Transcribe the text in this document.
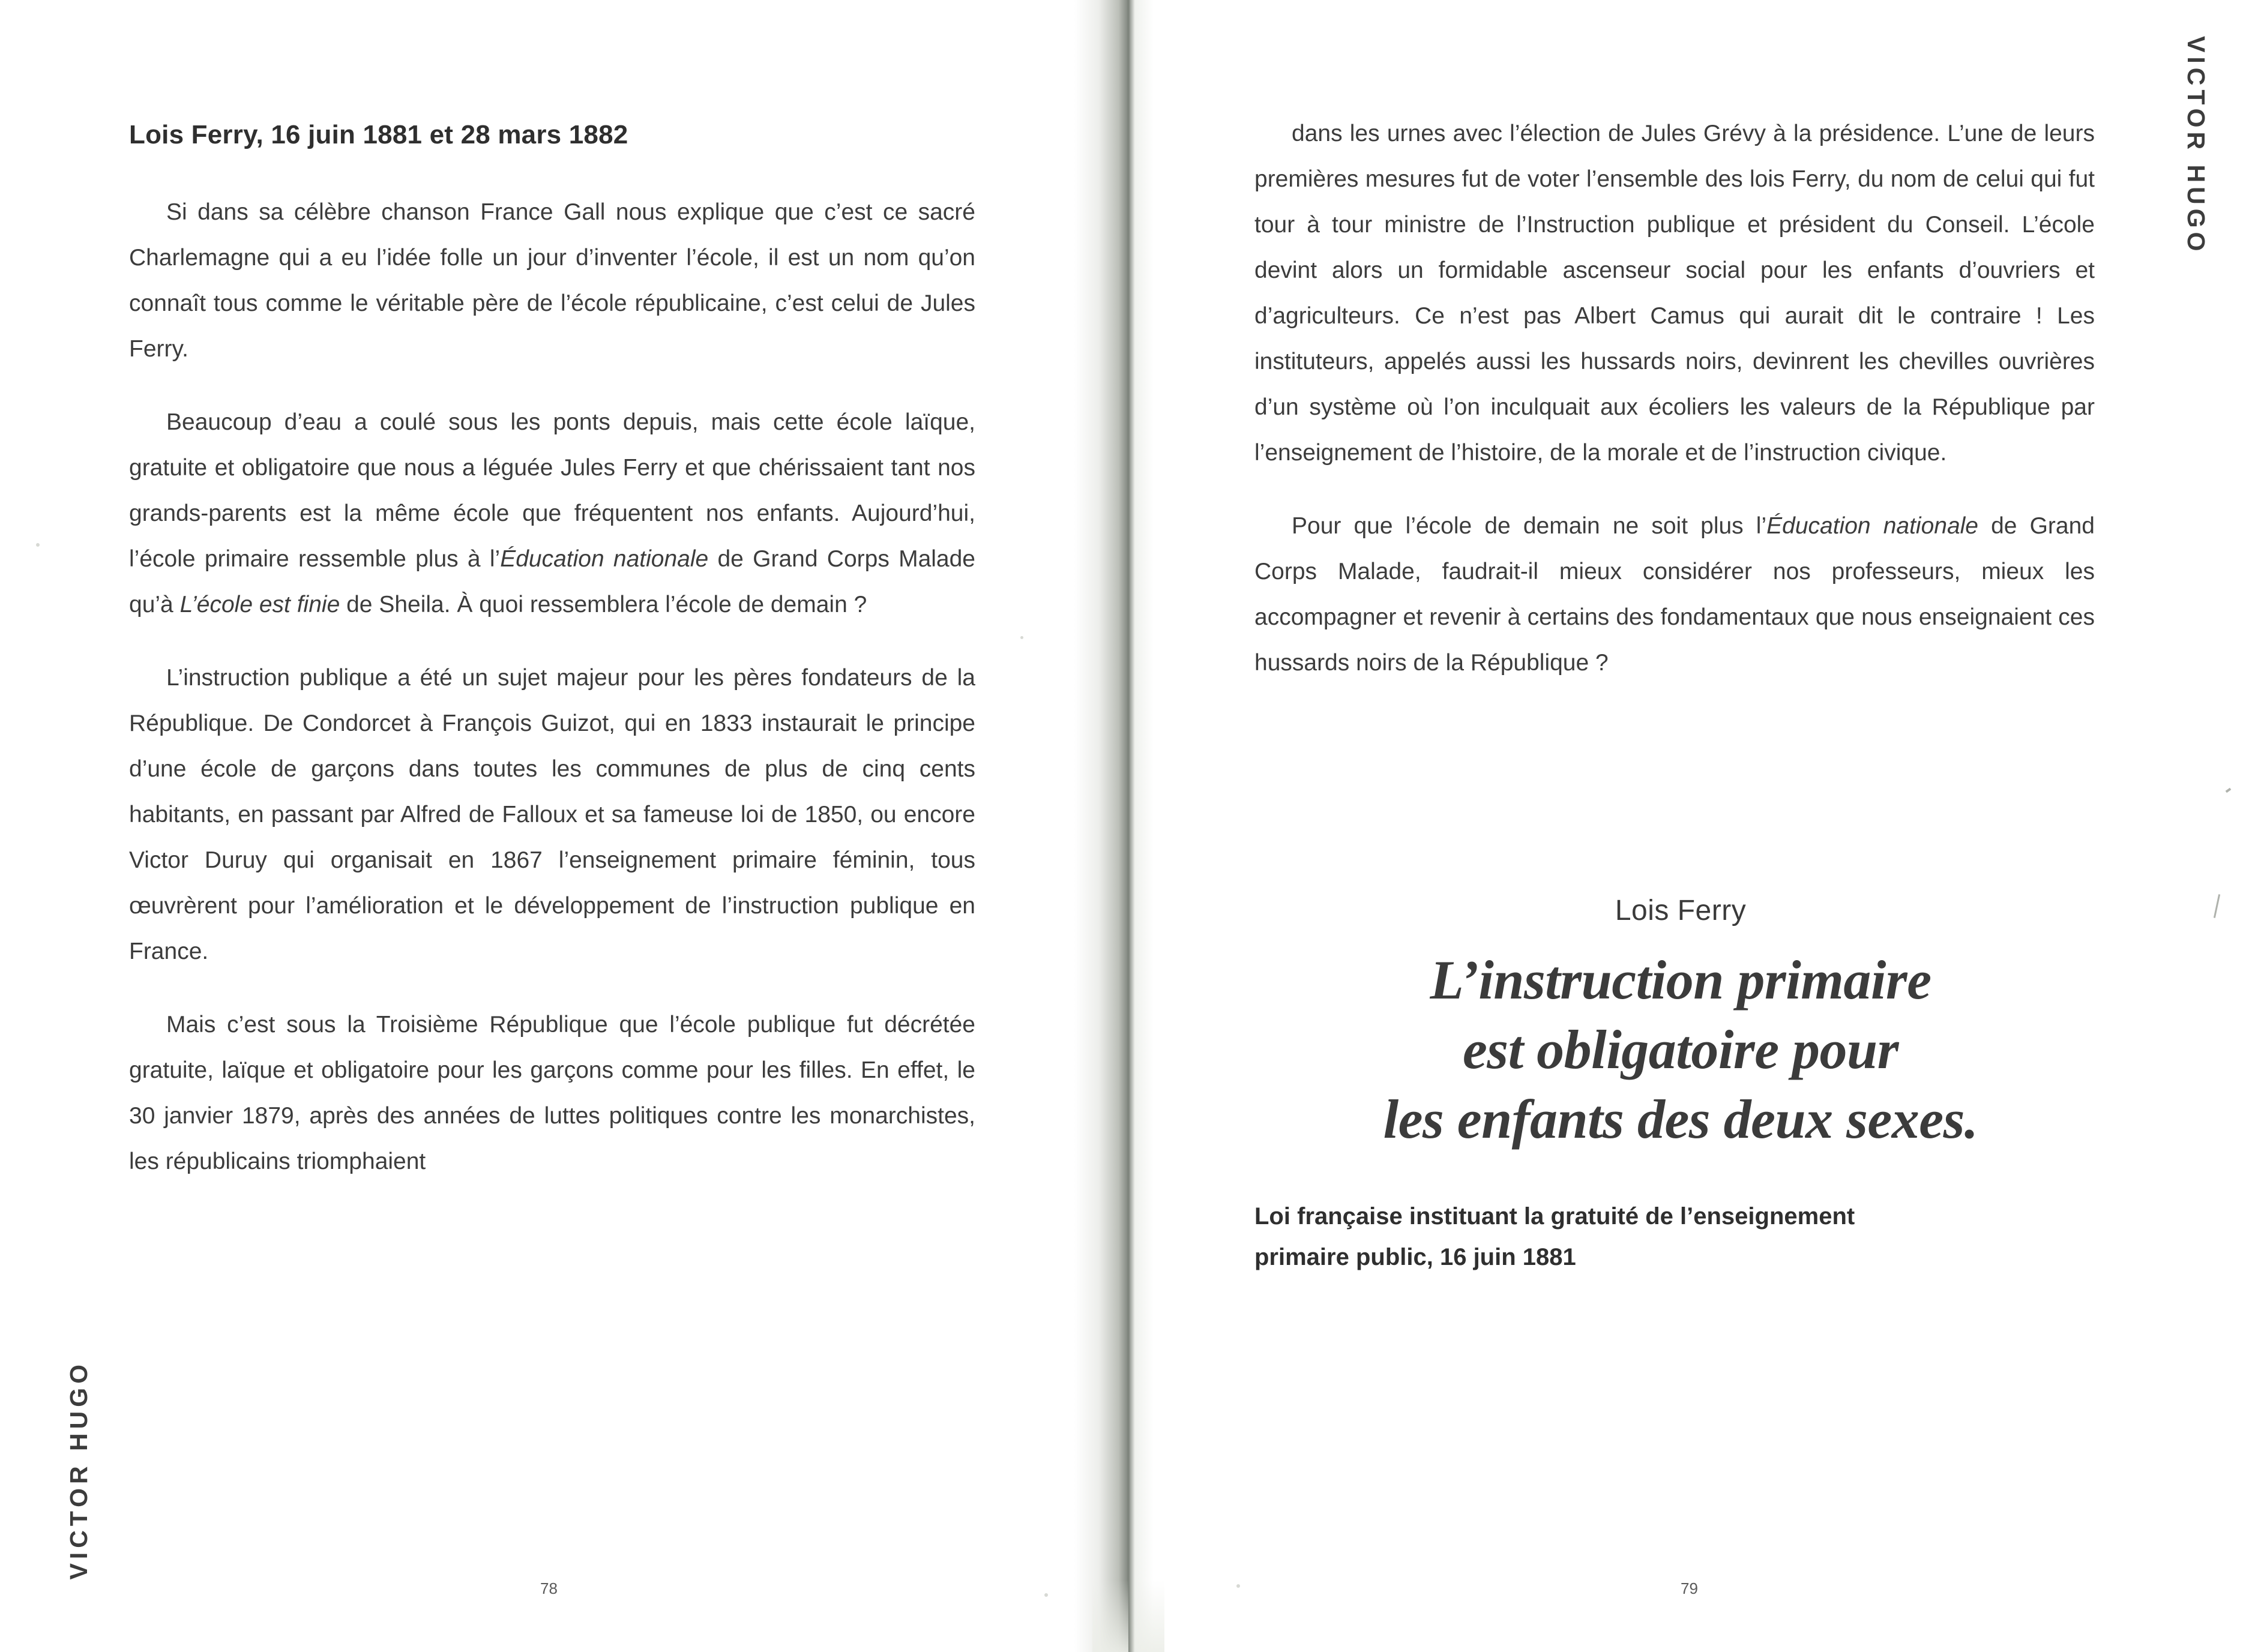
VICTOR HUGO
Lois Ferry, 16 juin 1881 et 28 mars 1882

Si dans sa célèbre chanson France Gall nous explique que c’est ce sacré Charlemagne qui a eu l’idée folle un jour d’inventer l’école, il est un nom qu’on connaît tous comme le véritable père de l’école républicaine, c’est celui de Jules Ferry.

Beaucoup d’eau a coulé sous les ponts depuis, mais cette école laïque, gratuite et obligatoire que nous a léguée Jules Ferry et que chérissaient tant nos grands-parents est la même école que fréquentent nos enfants. Aujourd’hui, l’école primaire ressemble plus à l’Éducation nationale de Grand Corps Malade qu’à L’école est finie de Sheila. À quoi ressemblera l’école de demain ?

L’instruction publique a été un sujet majeur pour les pères fondateurs de la République. De Condorcet à François Guizot, qui en 1833 instaurait le principe d’une école de garçons dans toutes les communes de plus de cinq cents habitants, en passant par Alfred de Falloux et sa fameuse loi de 1850, ou encore Victor Duruy qui organisait en 1867 l’enseignement primaire féminin, tous œuvrèrent pour l’amélioration et le développement de l’instruction publique en France.

Mais c’est sous la Troisième République que l’école publique fut décrétée gratuite, laïque et obligatoire pour les garçons comme pour les filles. En effet, le 30 janvier 1879, après des années de luttes politiques contre les monarchistes, les républicains triomphaient

78
VICTOR HUGO

dans les urnes avec l’élection de Jules Grévy à la présidence. L’une de leurs premières mesures fut de voter l’ensemble des lois Ferry, du nom de celui qui fut tour à tour ministre de l’Instruction publique et président du Conseil. L’école devint alors un formidable ascenseur social pour les enfants d’ouvriers et d’agriculteurs. Ce n’est pas Albert Camus qui aurait dit le contraire ! Les instituteurs, appelés aussi les hussards noirs, devinrent les chevilles ouvrières d’un système où l’on inculquait aux écoliers les valeurs de la République par l’enseignement de l’histoire, de la morale et de l’instruction civique.

Pour que l’école de demain ne soit plus l’Éducation nationale de Grand Corps Malade, faudrait-il mieux considérer nos professeurs, mieux les accompagner et revenir à certains des fondamentaux que nous enseignaient ces hussards noirs de la République ?

Lois Ferry
L’instruction primaire
est obligatoire pour
les enfants des deux sexes.
Loi française instituant la gratuité de l’enseignement
primaire public, 16 juin 1881
79
